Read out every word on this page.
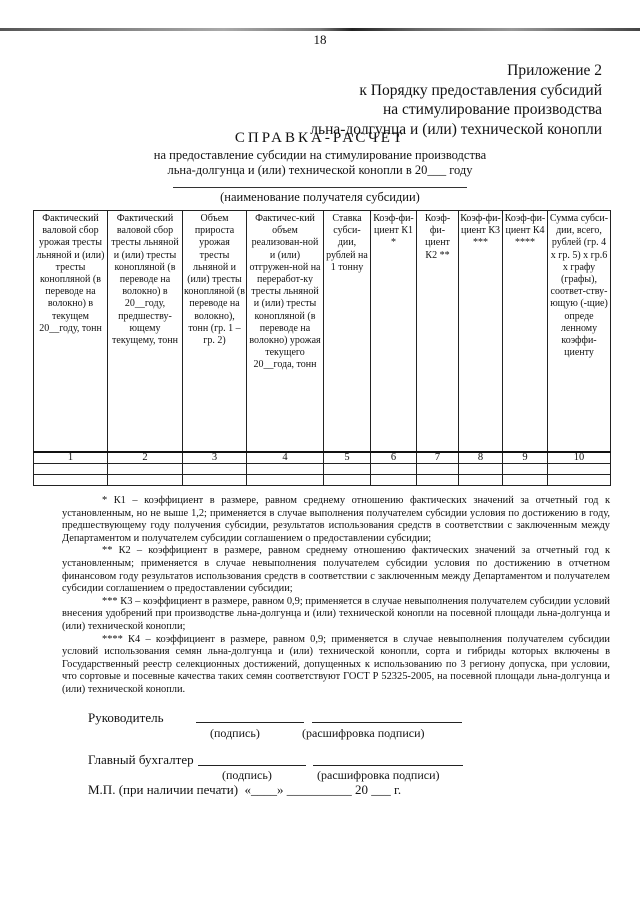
18
Приложение 2
к Порядку предоставления субсидий
на стимулирование производства
льна-долгунца и (или) технической конопли
СПРАВКА-РАСЧЕТ
на предоставление субсидии на стимулирование производства
льна-долгунца и (или) технической конопли в 20___ году
(наименование получателя субсидии)
Фактический валовой сбор урожая тресты льняной и (или) тресты конопляной (в переводе на волокно) в текущем 20__году, тонн	Фактический валовой сбор тресты льняной и (или) тресты конопляной (в переводе на волокно) в 20__году, предшеству-ющему текущему, тонн	Объем прироста урожая тресты льняной и (или) тресты конопляной (в переводе на волокно), тонн (гр. 1 – гр. 2)	Фактичес-кий объем реализован-ной и (или) отгружен-ной на переработ-ку тресты льняной и (или) тресты конопляной (в переводе на волокно) урожая текущего 20__года, тонн	Ставка субси-дии, рублей на 1 тонну	Коэф-фи-циент К1 *	Коэф-фи-циент К2 **	Коэф-фи-циент К3 ***	Коэф-фи-циент К4 ****	Сумма субси-дии, всего, рублей (гр. 4 х гр. 5) х гр.6 х графу (графы), соответ-ству-ющую (-щие) опреде ленному коэффи-циенту
1	2	3	4	5	6	7	8	9	10

* К1 – коэффициент в размере, равном среднему отношению фактических значений за отчетный год к установленным, но не выше 1,2; применяется в случае выполнения получателем субсидии условия по достижению в году, предшествующему году получения субсидии, результатов использования средств в соответствии с заключенным между Департаментом и получателем субсидии соглашением о предоставлении субсидии;

** К2 – коэффициент в размере, равном среднему отношению фактических значений за отчетный год к установленным; применяется в случае невыполнения получателем субсидии условия по достижению в отчетном финансовом году результатов использования средств в соответствии с заключенным между Департаментом и получателем субсидии соглашением о предоставлении субсидии;

*** К3 – коэффициент в размере, равном 0,9; применяется в случае невыполнения получателем субсидии условий внесения удобрений при производстве льна-долгунца и (или) технической конопли на посевной площади льна-долгунца и (или) технической конопли;

**** К4 – коэффициент в размере, равном 0,9; применяется в случае невыполнения получателем субсидии условий использования семян льна-долгунца и (или) технической конопли, сорта и гибриды которых включены в Государственный реестр селекционных достижений, допущенных к использованию по 3 региону допуска, при условии, что сортовые и посевные качества таких семян соответствуют ГОСТ Р 52325-2005, на посевной площади льна-долгунца и (или) технической конопли.

Руководитель
(подпись)	(расшифровка подписи)
Главный бухгалтер
(подпись)	(расшифровка подписи)
М.П. (при наличии печати)  «____» __________ 20 ___ г.
